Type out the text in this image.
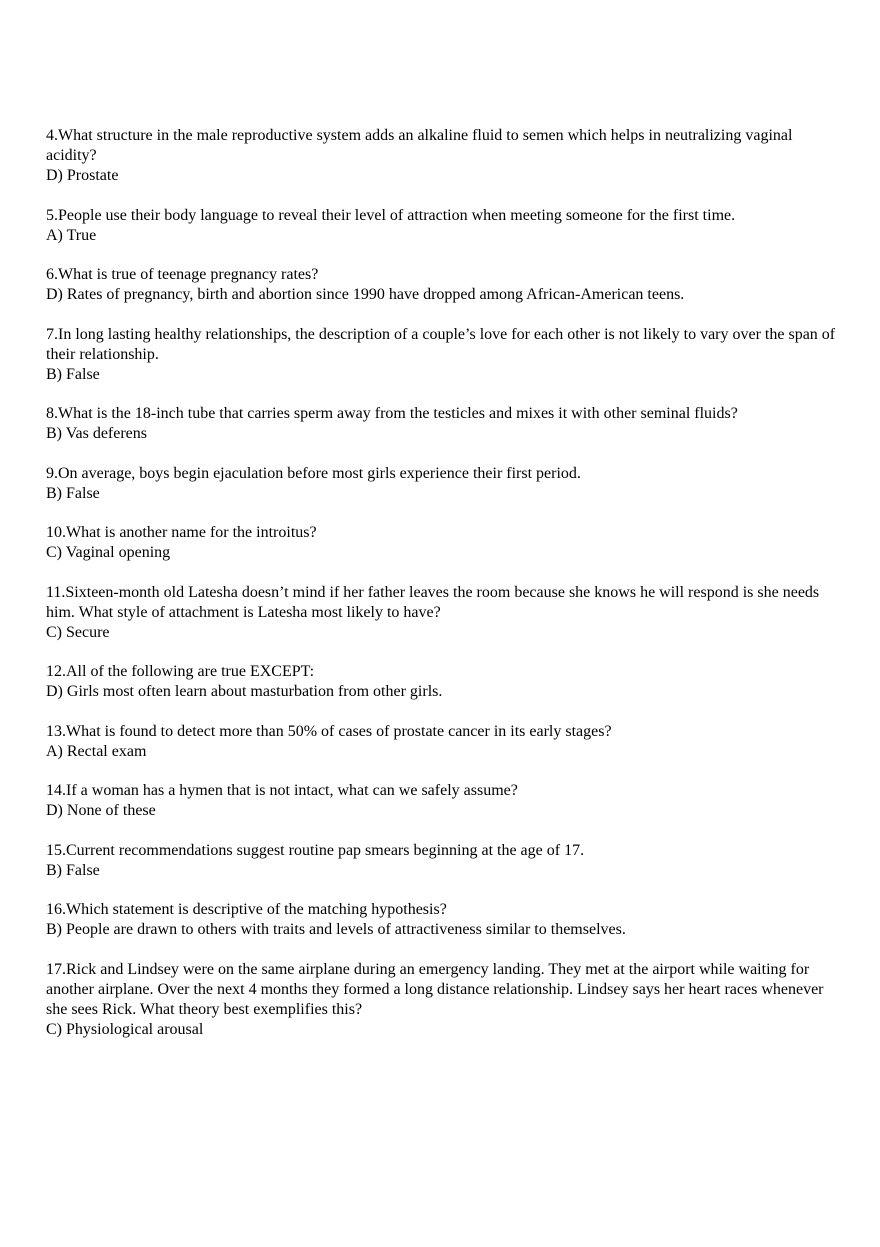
4.What structure in the male reproductive system adds an alkaline fluid to semen which helps in neutralizing vaginal acidity?

D) Prostate

5.People use their body language to reveal their level of attraction when meeting someone for the first time.

A) True

6.What is true of teenage pregnancy rates?

D) Rates of pregnancy, birth and abortion since 1990 have dropped among African-American teens.

7.In long lasting healthy relationships, the description of a couple’s love for each other is not likely to vary over the span of their relationship.

B) False

8.What is the 18-inch tube that carries sperm away from the testicles and mixes it with other seminal fluids?

B) Vas deferens

9.On average, boys begin ejaculation before most girls experience their first period.

B) False

10.What is another name for the introitus?

C) Vaginal opening

11.Sixteen-month old Latesha doesn’t mind if her father leaves the room because she knows he will respond is she needs him. What style of attachment is Latesha most likely to have?

C) Secure

12.All of the following are true EXCEPT:

D) Girls most often learn about masturbation from other girls.

13.What is found to detect more than 50% of cases of prostate cancer in its early stages?

A) Rectal exam

14.If a woman has a hymen that is not intact, what can we safely assume?

D) None of these

15.Current recommendations suggest routine pap smears beginning at the age of 17.

B) False

16.Which statement is descriptive of the matching hypothesis?

B) People are drawn to others with traits and levels of attractiveness similar to themselves.

17.Rick and Lindsey were on the same airplane during an emergency landing. They met at the airport while waiting for another airplane. Over the next 4 months they formed a long distance relationship. Lindsey says her heart races whenever she sees Rick. What theory best exemplifies this?

C) Physiological arousal
